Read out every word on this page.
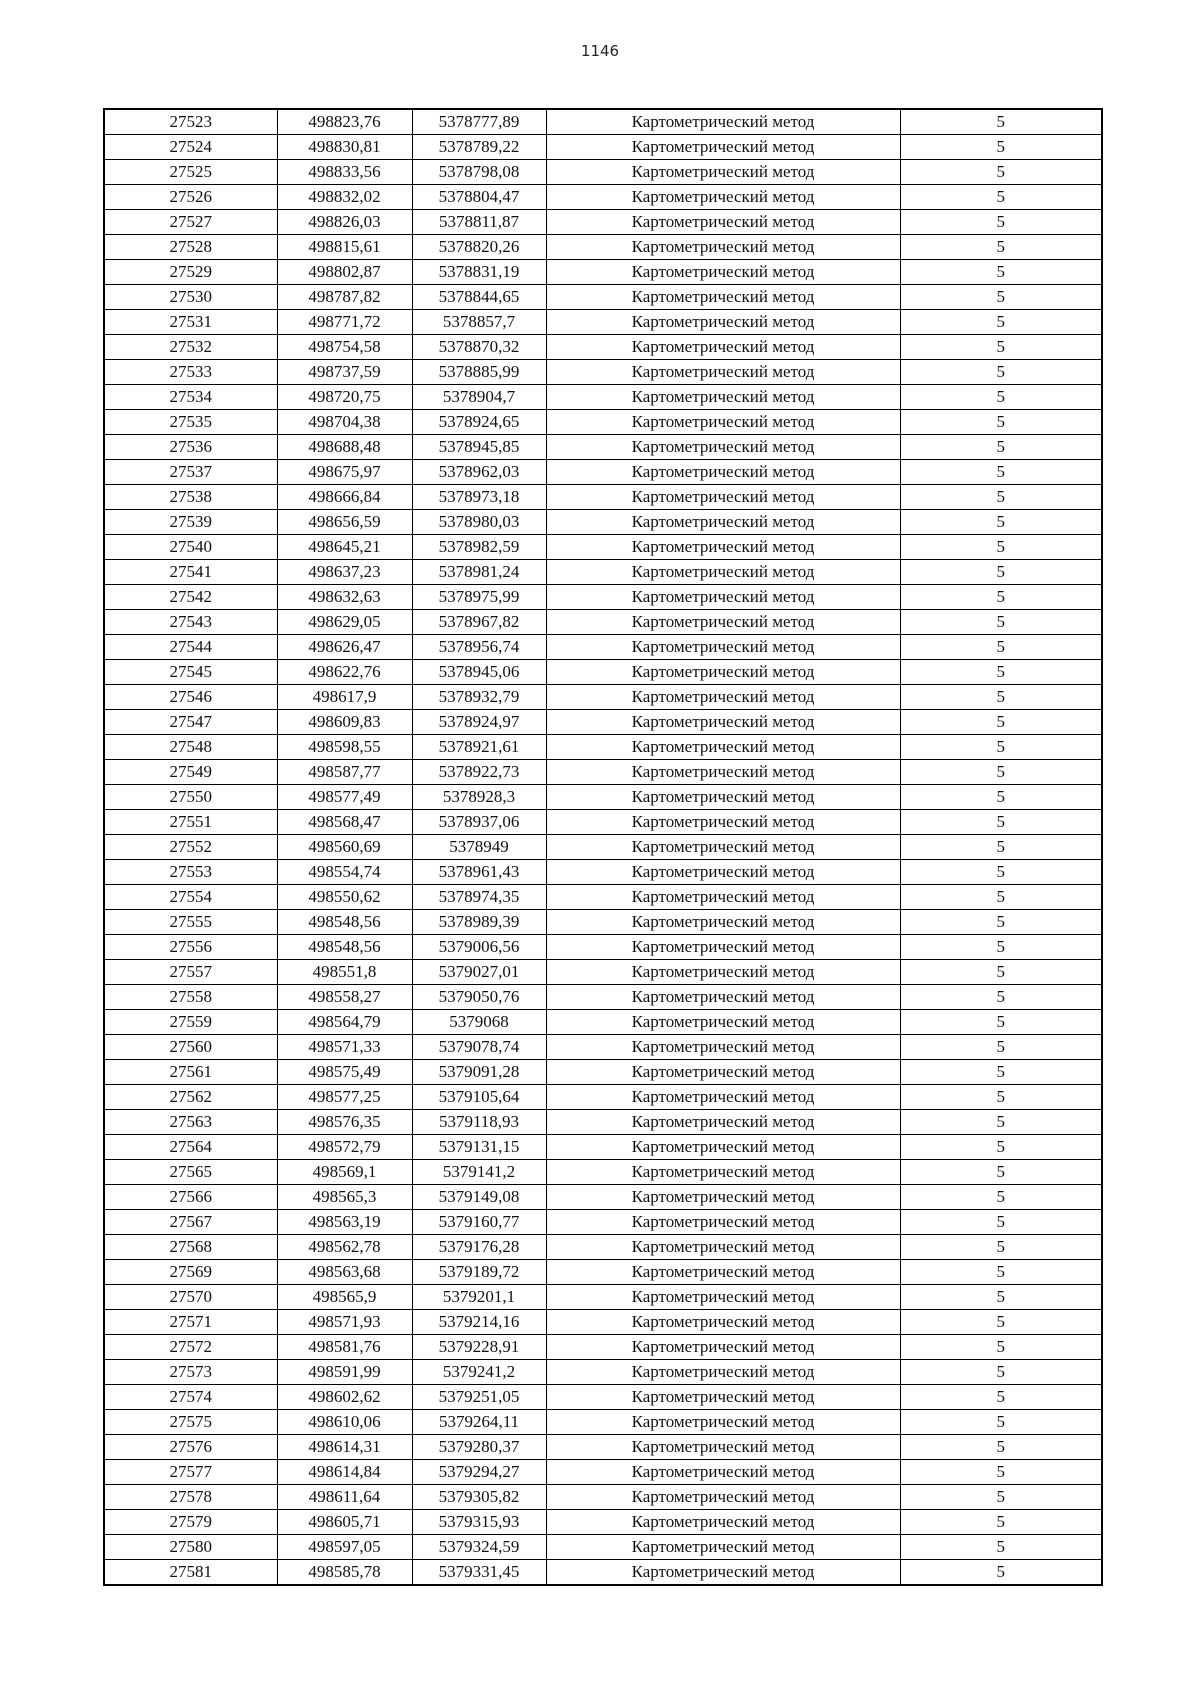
1146
27523	498823,76	5378777,89	Картометрический метод	5
27524	498830,81	5378789,22	Картометрический метод	5
27525	498833,56	5378798,08	Картометрический метод	5
27526	498832,02	5378804,47	Картометрический метод	5
27527	498826,03	5378811,87	Картометрический метод	5
27528	498815,61	5378820,26	Картометрический метод	5
27529	498802,87	5378831,19	Картометрический метод	5
27530	498787,82	5378844,65	Картометрический метод	5
27531	498771,72	5378857,7	Картометрический метод	5
27532	498754,58	5378870,32	Картометрический метод	5
27533	498737,59	5378885,99	Картометрический метод	5
27534	498720,75	5378904,7	Картометрический метод	5
27535	498704,38	5378924,65	Картометрический метод	5
27536	498688,48	5378945,85	Картометрический метод	5
27537	498675,97	5378962,03	Картометрический метод	5
27538	498666,84	5378973,18	Картометрический метод	5
27539	498656,59	5378980,03	Картометрический метод	5
27540	498645,21	5378982,59	Картометрический метод	5
27541	498637,23	5378981,24	Картометрический метод	5
27542	498632,63	5378975,99	Картометрический метод	5
27543	498629,05	5378967,82	Картометрический метод	5
27544	498626,47	5378956,74	Картометрический метод	5
27545	498622,76	5378945,06	Картометрический метод	5
27546	498617,9	5378932,79	Картометрический метод	5
27547	498609,83	5378924,97	Картометрический метод	5
27548	498598,55	5378921,61	Картометрический метод	5
27549	498587,77	5378922,73	Картометрический метод	5
27550	498577,49	5378928,3	Картометрический метод	5
27551	498568,47	5378937,06	Картометрический метод	5
27552	498560,69	5378949	Картометрический метод	5
27553	498554,74	5378961,43	Картометрический метод	5
27554	498550,62	5378974,35	Картометрический метод	5
27555	498548,56	5378989,39	Картометрический метод	5
27556	498548,56	5379006,56	Картометрический метод	5
27557	498551,8	5379027,01	Картометрический метод	5
27558	498558,27	5379050,76	Картометрический метод	5
27559	498564,79	5379068	Картометрический метод	5
27560	498571,33	5379078,74	Картометрический метод	5
27561	498575,49	5379091,28	Картометрический метод	5
27562	498577,25	5379105,64	Картометрический метод	5
27563	498576,35	5379118,93	Картометрический метод	5
27564	498572,79	5379131,15	Картометрический метод	5
27565	498569,1	5379141,2	Картометрический метод	5
27566	498565,3	5379149,08	Картометрический метод	5
27567	498563,19	5379160,77	Картометрический метод	5
27568	498562,78	5379176,28	Картометрический метод	5
27569	498563,68	5379189,72	Картометрический метод	5
27570	498565,9	5379201,1	Картометрический метод	5
27571	498571,93	5379214,16	Картометрический метод	5
27572	498581,76	5379228,91	Картометрический метод	5
27573	498591,99	5379241,2	Картометрический метод	5
27574	498602,62	5379251,05	Картометрический метод	5
27575	498610,06	5379264,11	Картометрический метод	5
27576	498614,31	5379280,37	Картометрический метод	5
27577	498614,84	5379294,27	Картометрический метод	5
27578	498611,64	5379305,82	Картометрический метод	5
27579	498605,71	5379315,93	Картометрический метод	5
27580	498597,05	5379324,59	Картометрический метод	5
27581	498585,78	5379331,45	Картометрический метод	5
